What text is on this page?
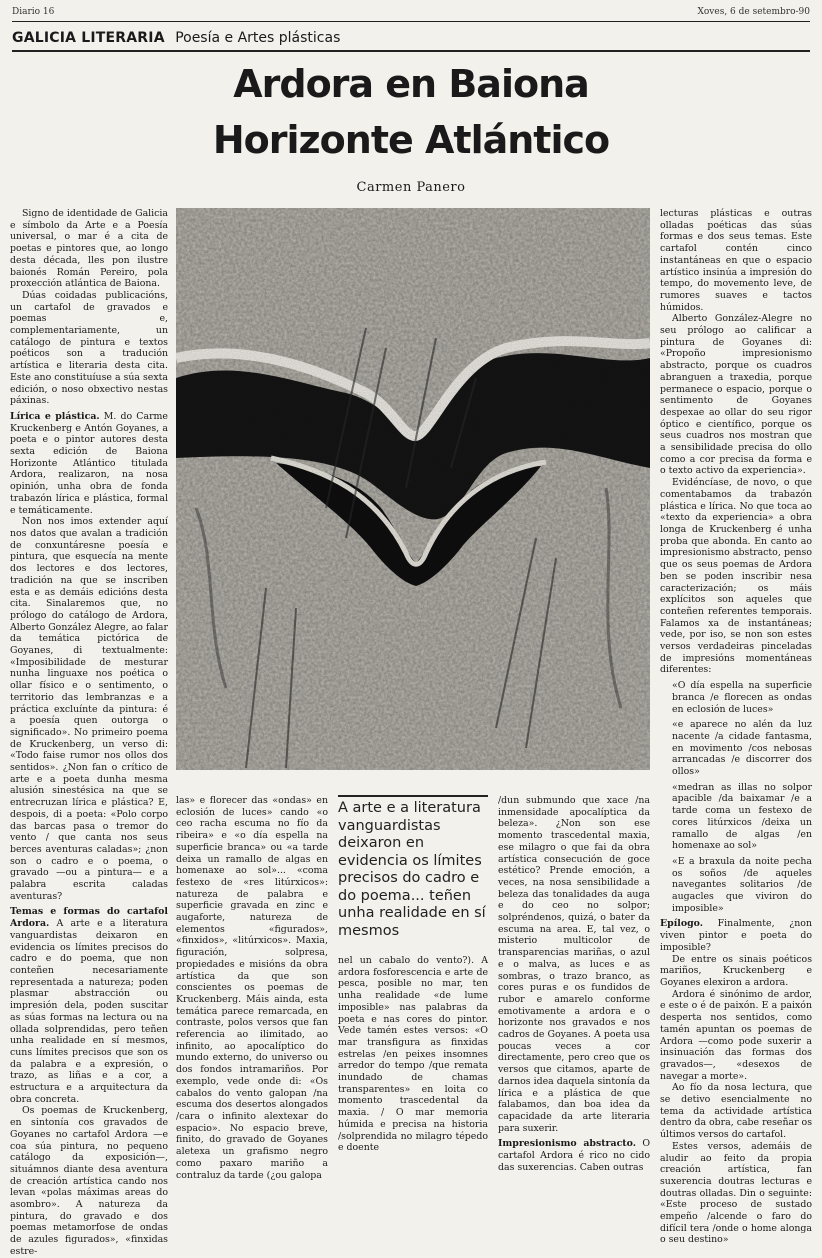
Diario 16	Xoves, 6 de setembro-90
GALICIA LITERARIA Poesía e Artes plásticas
Ardora en Baiona
Horizonte Atlántico
Carmen Panero

Signo de identidade de Galicia e símbolo da Arte e a Poesía universal, o mar é a cita de poetas e pintores que, ao longo desta década, lles pon ilustre baionés Román Pereiro, pola proxección atlántica de Baiona.

Dúas coidadas publicacións, un cartafol de gravados e poemas e, complementariamente, un catálogo de pintura e textos poéticos son a tradución artística e literaria desta cita. Este ano constituíuse a súa sexta edición, o noso obxectivo nestas páxinas.

Lírica e plástica. M. do Carme Kruckenberg e Antón Goyanes, a poeta e o pintor autores desta sexta edición de Baiona Horizonte Atlántico titulada Ardora, realizaron, na nosa opinión, unha obra de fonda trabazón lírica e plástica, formal e temáticamente.

Non nos imos extender aquí nos datos que avalan a tradición de conxuntáresne poesía e pintura, que esquecía na mente dos lectores e dos lectores, tradición na que se inscriben esta e as demáis edicións desta cita. Sinalaremos que, no prólogo do catálogo de Ardora, Alberto González Alegre, ao falar da temática pictórica de Goyanes, di textualmente: «Imposibilidade de mesturar nunha linguaxe nos poética o ollar físico e o sentimento, o territorio das lembranzas e a práctica excluínte da pintura: é a poesía quen outorga o significado». No primeiro poema de Kruckenberg, un verso di: «Todo faise rumor nos ollos dos sentidos». ¿Non fan o crítico de arte e a poeta dunha mesma alusión sinestésica na que se entrecruzan lírica e plástica? E, despois, di a poeta: «Polo corpo das barcas pasa o tremor do vento / que canta nos seus berces aventuras caladas»; ¿non son o cadro e o poema, o gravado —ou a pintura— e a palabra escrita caladas aventuras?

Temas e formas do cartafol Ardora. A arte e a literatura vanguardistas deixaron en evidencia os límites precisos do cadro e do poema, que non conteñen necesariamente representada a natureza; poden plasmar abstracción ou impresión dela, poden suscitar as súas formas na lectura ou na ollada solprendidas, pero teñen unha realidade en sí mesmos, cuns límites precisos que son os da palabra e a expresión, o trazo, as liñas e a cor, a estructura e a arquitectura da obra concreta.

Os poemas de Kruckenberg, en sintonía cos gravados de Goyanes no cartafol Ardora —e coa súa pintura, no pequeno catálogo da exposición—, situámnos diante desa aventura de creación artística cando nos levan «polas máximas areas do asombro». A natureza da pintura, do gravado e dos poemas metamorfose de ondas de azules figurados», «finxidas estre-

las» e florecer das «ondas» en eclosión de luces» cando «o ceo racha escuma no fío da ribeira» e «o día espella na superficie branca» ou «a tarde deixa un ramallo de algas en homenaxe ao sol»... «coma festexo de «res litúrxicos»: natureza de palabra e superficie gravada en zinc e augaforte, natureza de elementos «figurados», «finxidos», «litúrxicos». Maxia, figuración, solpresa, propiedades e misións da obra artística da que son conscientes os poemas de Kruckenberg. Máis ainda, esta temática parece remarcada, en contraste, polos versos que fan referencia ao ilimitado, ao infinito, ao apocalíptico do mundo externo, do universo ou dos fondos intramariños. Por exemplo, vede onde di: «Os cabalos do vento galopan /na escuma dos desertos alongados /cara o infinito alextexar do espacio». No espacio breve, finito, do gravado de Goyanes aletexa un grafismo negro como paxaro mariño a contraluz da tarde (¿ou galopa

A arte e a literatura vanguardistas deixaron en evidencia os límites precisos do cadro e do poema... teñen unha realidade en sí mesmos

nel un cabalo do vento?). A ardora fosforescencia e arte de pesca, posible no mar, ten unha realidade «de lume imposible» nas palabras da poeta e nas cores do pintor. Vede tamén estes versos: «O mar transfigura as finxidas estrelas /en peixes insomnes arredor do tempo /que remata inundado de chamas transparentes» en loita co momento trascedental da maxia. / O mar memoria húmida e precisa na historia /solprendida no milagro tépedo e doente

/dun submundo que xace /na inmensidade apocalíptica da beleza». ¿Non son ese momento trascedental maxia, ese milagro o que fai da obra artística consecución de goce estético? Prende emoción, a veces, na nosa sensibilidade a beleza das tonalidades da auga e do ceo no solpor; solpréndenos, quizá, o bater da escuma na area. E, tal vez, o misterio multicolor de transparencias mariñas, o azul e o malva, as luces e as sombras, o trazo branco, as cores puras e os fundidos de rubor e amarelo conforme emotivamente a ardora e o horizonte nos gravados e nos cadros de Goyanes. A poeta usa poucas veces a cor directamente, pero creo que os versos que citamos, aparte de darnos idea daquela sintonía da lírica e a plástica de que falabamos, dan boa idea da capacidade da arte literaria para suxerir.

Impresionismo abstracto. O cartafol Ardora é rico no cido das suxerencias. Caben outras

lecturas plásticas e outras olladas poéticas das súas formas e dos seus temas. Este cartafol contén cinco instantáneas en que o espacio artístico insinúa a impresión do tempo, do movemento leve, de rumores suaves e tactos húmidos.

Alberto González-Alegre no seu prólogo ao calificar a pintura de Goyanes di: «Propoño impresionismo abstracto, porque os cuadros abranguen a traxedia, porque permanece o espacio, porque o sentimento de Goyanes despexae ao ollar do seu rigor óptico e científico, porque os seus cuadros nos mostran que a sensibilidade precisa do ollo como a cor precisa da forma e o texto activo da experiencia».

Evidéncíase, de novo, o que comentabamos da trabazón plástica e lírica. No que toca ao «texto da experiencia» a obra longa de Kruckenberg é unha proba que abonda. En canto ao impresionismo abstracto, penso que os seus poemas de Ardora ben se poden inscribir nesa caracterización; os máis explícitos son aqueles que conteñen referentes temporais. Falamos xa de instantáneas; vede, por iso, se non son estes versos verdadeiras pinceladas de impresións momentáneas diferentes:

«O día espella na superficie branca /e florecen as ondas en eclosión de luces»

«e aparece no alén da luz nacente /a cidade fantasma, en movimento /cos nebosas arrancadas /e discorrer dos ollos»

«medran as illas no solpor apacible /da baixamar /e a tarde coma un festexo de cores litúrxicos /deixa un ramallo de algas /en homenaxe ao sol»

«E a braxula da noite pecha os soños /de aqueles navegantes solitarios /de augacles que viviron do imposible»

Epílogo. Finalmente, ¿non viven pintor e poeta do imposible?

De entre os sinais poéticos mariños, Kruckenberg e Goyanes elexiron a ardora.

Ardora é sinónimo de ardor, e este o é de paixón. E a paixón desperta nos sentidos, como tamén apuntan os poemas de Ardora —como pode suxerir a insinuación das formas dos gravados—, «desexos de navegar a morte».

Ao fío da nosa lectura, que se detivo esencialmente no tema da actividade artística dentro da obra, cabe reseñar os últimos versos do cartafol.

Estes versos, ademáis de aludir ao feito da propia creación artística, fan suxerencia doutras lecturas e doutras olladas. Din o seguinte: «Este proceso de sustado empeño /alcende o faro do difícil tera /onde o home alonga o seu destino»
